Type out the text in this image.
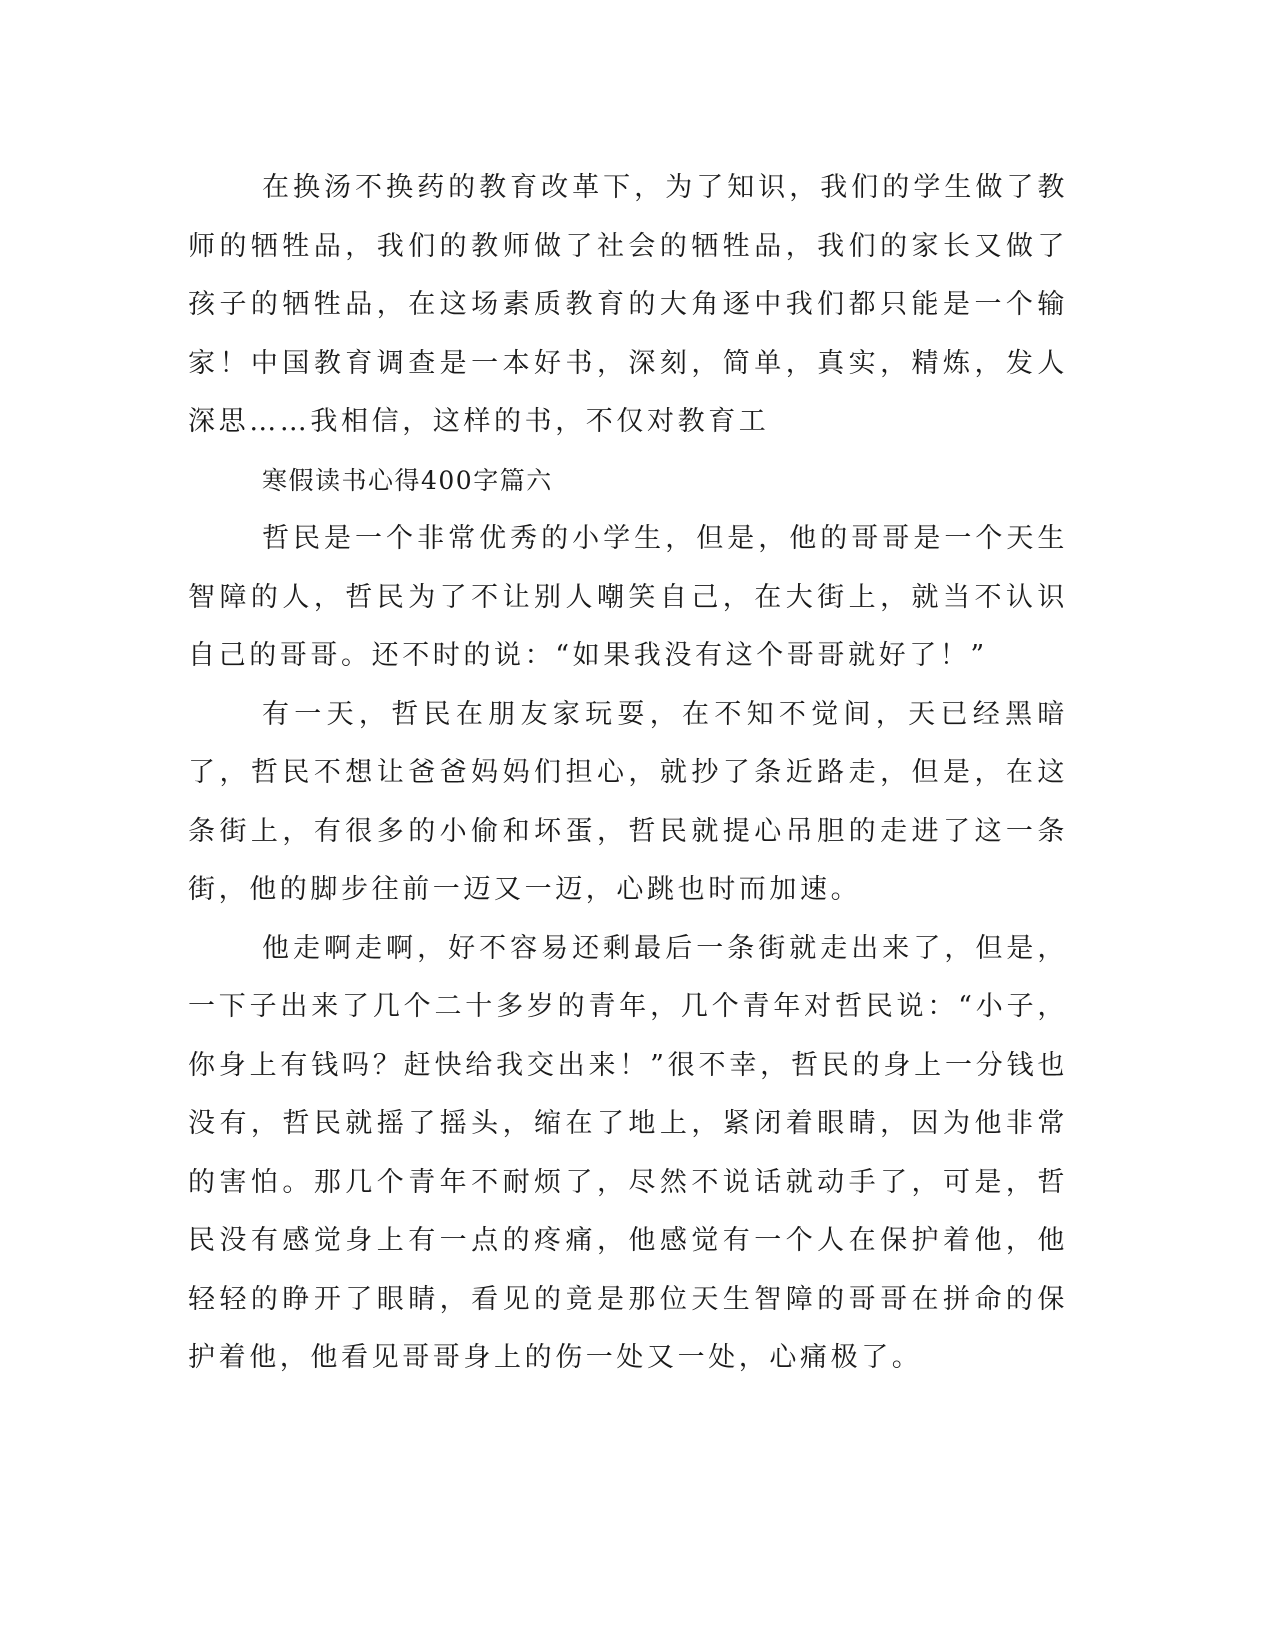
在换汤不换药的教育改革下，为了知识，我们的学生做了教师的牺牲品，我们的教师做了社会的牺牲品，我们的家长又做了孩子的牺牲品，在这场素质教育的大角逐中我们都只能是一个输家！中国教育调查是一本好书，深刻，简单，真实，精炼，发人深思……我相信，这样的书，不仅对教育工

寒假读书心得400字篇六

哲民是一个非常优秀的小学生，但是，他的哥哥是一个天生智障的人，哲民为了不让别人嘲笑自己，在大街上，就当不认识自己的哥哥。还不时的说：“如果我没有这个哥哥就好了！”

有一天，哲民在朋友家玩耍，在不知不觉间，天已经黑暗了，哲民不想让爸爸妈妈们担心，就抄了条近路走，但是，在这条街上，有很多的小偷和坏蛋，哲民就提心吊胆的走进了这一条街，他的脚步往前一迈又一迈，心跳也时而加速。

他走啊走啊，好不容易还剩最后一条街就走出来了，但是，一下子出来了几个二十多岁的青年，几个青年对哲民说：“小子，你身上有钱吗？赶快给我交出来！”很不幸，哲民的身上一分钱也没有，哲民就摇了摇头，缩在了地上，紧闭着眼睛，因为他非常的害怕。那几个青年不耐烦了，尽然不说话就动手了，可是，哲民没有感觉身上有一点的疼痛，他感觉有一个人在保护着他，他轻轻的睁开了眼睛，看见的竟是那位天生智障的哥哥在拼命的保护着他，他看见哥哥身上的伤一处又一处，心痛极了。
